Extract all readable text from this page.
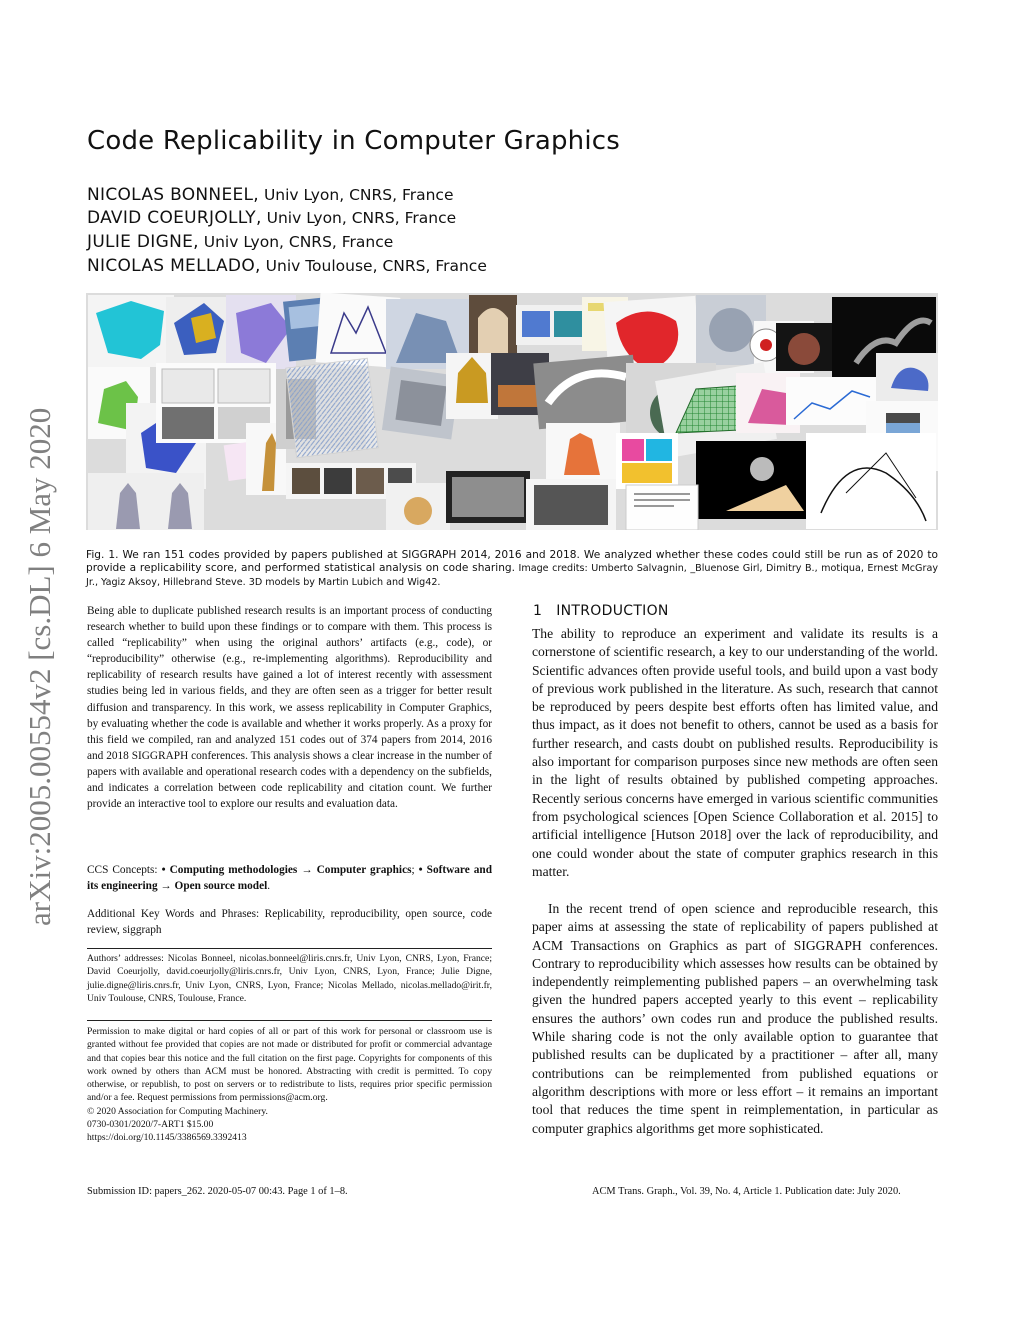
Code Replicability in Computer Graphics
NICOLAS BONNEEL, Univ Lyon, CNRS, France
DAVID COEURJOLLY, Univ Lyon, CNRS, France
JULIE DIGNE, Univ Lyon, CNRS, France
NICOLAS MELLADO, Univ Toulouse, CNRS, France
arXiv:2005.00554v2 [cs.DL] 6 May 2020	Fig. 1. We ran 151 codes provided by papers published at SIGGRAPH 2014, 2016 and 2018. We analyzed whether these codes could still be run as of 2020 to provide a replicability score, and performed statistical analysis on code sharing. Image credits: Umberto Salvagnin, _Bluenose Girl, Dimitry B., motiqua, Ernest McGray Jr., Yagiz Aksoy, Hillebrand Steve. 3D models by Martin Lubich and Wig42.

Being able to duplicate published research results is an important process of conducting research whether to build upon these findings or to compare with them. This process is called “replicability” when using the original authors’ artifacts (e.g., code), or “reproducibility” otherwise (e.g., re-implementing algorithms). Reproducibility and replicability of research results have gained a lot of interest recently with assessment studies being led in various fields, and they are often seen as a trigger for better result diffusion and transparency. In this work, we assess replicability in Computer Graphics, by evaluating whether the code is available and whether it works properly. As a proxy for this field we compiled, ran and analyzed 151 codes out of 374 papers from 2014, 2016 and 2018 SIGGRAPH conferences. This analysis shows a clear increase in the number of papers with available and operational research codes with a dependency on the subfields, and indicates a correlation between code replicability and citation count. We further provide an interactive tool to explore our results and evaluation data.

CCS Concepts: • Computing methodologies → Computer graphics; • Software and its engineering → Open source model.

Additional Key Words and Phrases: Replicability, reproducibility, open source, code review, siggraph

Authors’ addresses: Nicolas Bonneel, nicolas.bonneel@liris.cnrs.fr, Univ Lyon, CNRS, Lyon, France; David Coeurjolly, david.coeurjolly@liris.cnrs.fr, Univ Lyon, CNRS, Lyon, France; Julie Digne, julie.digne@liris.cnrs.fr, Univ Lyon, CNRS, Lyon, France; Nicolas Mellado, nicolas.mellado@irit.fr, Univ Toulouse, CNRS, Toulouse, France.

Permission to make digital or hard copies of all or part of this work for personal or classroom use is granted without fee provided that copies are not made or distributed for profit or commercial advantage and that copies bear this notice and the full citation on the first page. Copyrights for components of this work owned by others than ACM must be honored. Abstracting with credit is permitted. To copy otherwise, or republish, to post on servers or to redistribute to lists, requires prior specific permission and/or a fee. Request permissions from permissions@acm.org.

© 2020 Association for Computing Machinery.
0730-0301/2020/7-ART1 $15.00
https://doi.org/10.1145/3386569.3392413
1 INTRODUCTION

The ability to reproduce an experiment and validate its results is a cornerstone of scientific research, a key to our understanding of the world. Scientific advances often provide useful tools, and build upon a vast body of previous work published in the literature. As such, research that cannot be reproduced by peers despite best efforts often has limited value, and thus impact, as it does not benefit to others, cannot be used as a basis for further research, and casts doubt on published results. Reproducibility is also important for comparison purposes since new methods are often seen in the light of results obtained by published competing approaches. Recently serious concerns have emerged in various scientific communities from psychological sciences [Open Science Collaboration et al. 2015] to artificial intelligence [Hutson 2018] over the lack of reproducibility, and one could wonder about the state of computer graphics research in this matter.

In the recent trend of open science and reproducible research, this paper aims at assessing the state of replicability of papers published at ACM Transactions on Graphics as part of SIGGRAPH conferences. Contrary to reproducibility which assesses how results can be obtained by independently reimplementing published papers – an overwhelming task given the hundred papers accepted yearly to this event – replicability ensures the authors’ own codes run and produce the published results. While sharing code is not the only available option to guarantee that published results can be duplicated by a practitioner – after all, many contributions can be reimplemented from published equations or algorithm descriptions with more or less effort – it remains an important tool that reduces the time spent in reimplementation, in particular as computer graphics algorithms get more sophisticated.

Submission ID: papers_262. 2020-05-07 00:43. Page 1 of 1–8.	ACM Trans. Graph., Vol. 39, No. 4, Article 1. Publication date: July 2020.
